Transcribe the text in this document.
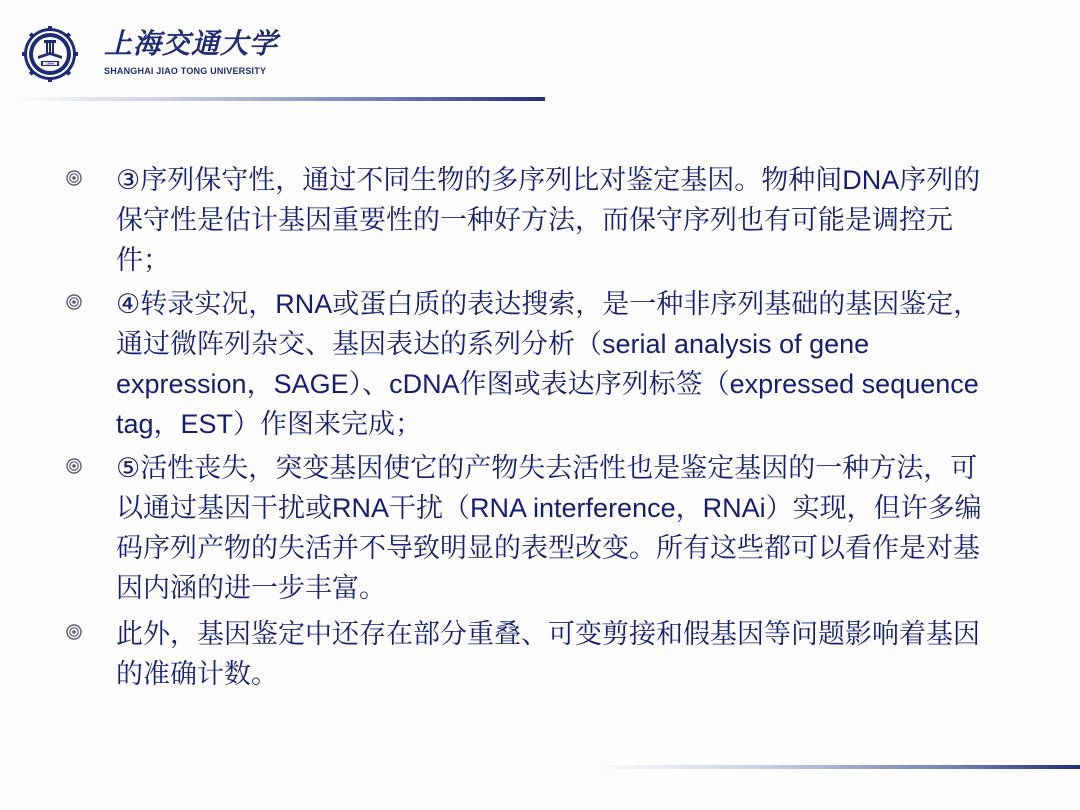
1896
上海交通大学
SHANGHAI JIAO TONG UNIVERSITY
③序列保守性，通过不同生物的多序列比对鉴定基因。物种间DNA序列的保守性是估计基因重要性的一种好方法，而保守序列也有可能是调控元件；
④转录实况，RNA或蛋白质的表达搜索，是一种非序列基础的基因鉴定，通过微阵列杂交、基因表达的系列分析（serial analysis of gene expression，SAGE）、cDNA作图或表达序列标签（expressed sequence tag，EST）作图来完成；
⑤活性丧失，突变基因使它的产物失去活性也是鉴定基因的一种方法，可以通过基因干扰或RNA干扰（RNA interference，RNAi）实现，但许多编码序列产物的失活并不导致明显的表型改变。所有这些都可以看作是对基因内涵的进一步丰富。
此外，基因鉴定中还存在部分重叠、可变剪接和假基因等问题影响着基因的准确计数。
